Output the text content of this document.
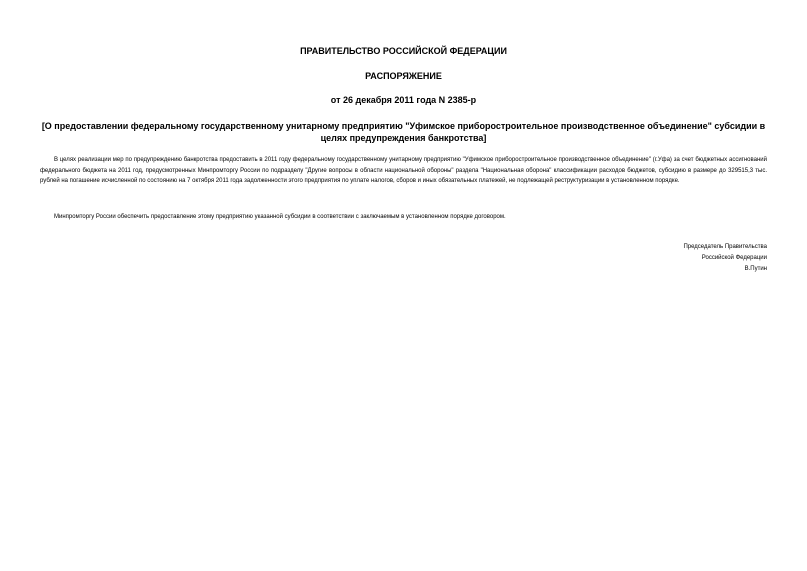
ПРАВИТЕЛЬСТВО РОССИЙСКОЙ ФЕДЕРАЦИИ
РАСПОРЯЖЕНИЕ
от 26 декабря 2011 года N 2385-р
[О предоставлении федеральному государственному унитарному предприятию "Уфимское приборостроительное производственное объединение" субсидии в целях предупреждения банкротства]
В целях реализации мер по предупреждению банкротства предоставить в 2011 году федеральному государственному унитарному предприятию "Уфимское приборостроительное производственное объединение" (г.Уфа) за счет бюджетных ассигнований федерального бюджета на 2011 год, предусмотренных Минпромторгу России по подразделу "Другие вопросы в области национальной обороны" раздела "Национальная оборона" классификации расходов бюджетов, субсидию в размере до 329515,3 тыс. рублей на погашение исчисленной по состоянию на 7 октября 2011 года задолженности этого предприятия по уплате налогов, сборов и иных обязательных платежей, не подлежащей реструктуризации в установленном порядке.
Минпромторгу России обеспечить предоставление этому предприятию указанной субсидии в соответствии с заключаемым в установленном порядке договором.
Председатель Правительства
Российской Федерации
В.Путин
